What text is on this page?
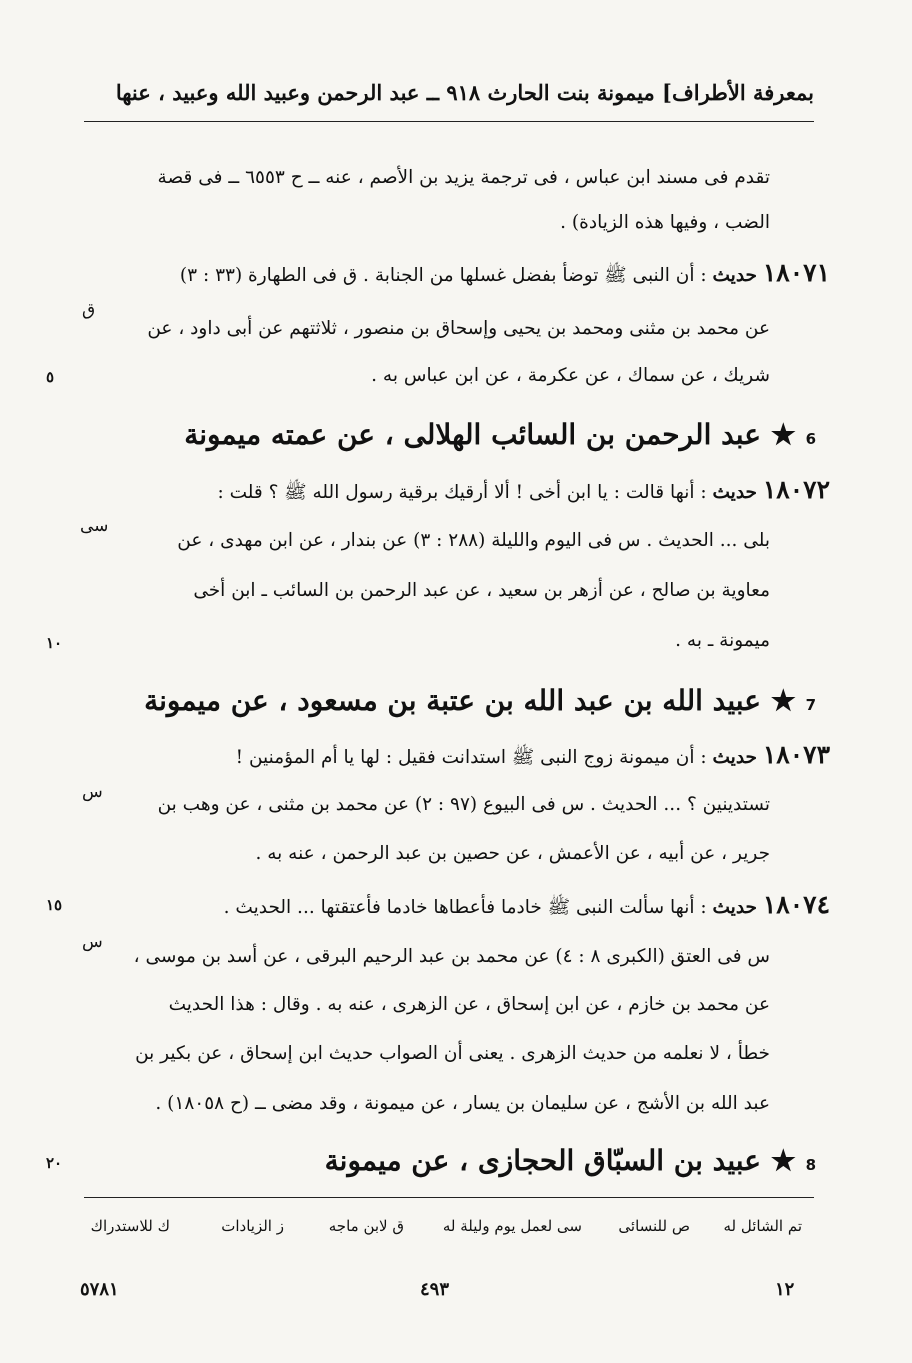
بمعرفة الأطراف] ميمونة بنت الحارث ٩١٨ ــ عبد الرحمن وعبيد الله وعبيد ، عنها
تقدم فى مسند ابن عباس ، فى ترجمة يزيد بن الأصم ، عنه ــ ح ٦٥٥٣ ــ فى قصة
الضب ، وفيها هذه الزيادة) .
١٨٠٧١ حديث : أن النبى ﷺ توضأ بفضل غسلها من الجنابة . ق فى الطهارة (٣٣ : ٣)
ق
عن محمد بن مثنى ومحمد بن يحيى وإسحاق بن منصور ، ثلاثتهم عن أبى داود ، عن
شريك ، عن سماك ، عن عكرمة ، عن ابن عباس به .
٥
6 ★ عبد الرحمن بن السائب الهلالى ، عن عمته ميمونة
١٨٠٧٢ حديث : أنها قالت : يا ابن أخى ! ألا أرقيك برقية رسول الله ﷺ ؟ قلت :
سى
بلى ... الحديث . س فى اليوم والليلة (٢٨٨ : ٣) عن بندار ، عن ابن مهدى ، عن
معاوية بن صالح ، عن أزهر بن سعيد ، عن عبد الرحمن بن السائب ـ ابن أخى
ميمونة ـ به .
١٠
7 ★ عبيد الله بن عبد الله بن عتبة بن مسعود ، عن ميمونة
١٨٠٧٣ حديث : أن ميمونة زوج النبى ﷺ استدانت فقيل : لها يا أم المؤمنين !
س
تستدينين ؟ ... الحديث . س فى البيوع (٩٧ : ٢) عن محمد بن مثنى ، عن وهب بن
جرير ، عن أبيه ، عن الأعمش ، عن حصين بن عبد الرحمن ، عنه به .
١٨٠٧٤ حديث : أنها سألت النبى ﷺ خادما فأعطاها خادما فأعتقتها ... الحديث .
١٥
س
س فى العتق (الكبرى ٨ : ٤) عن محمد بن عبد الرحيم البرقى ، عن أسد بن موسى ،
عن محمد بن خازم ، عن ابن إسحاق ، عن الزهرى ، عنه به . وقال : هذا الحديث
خطأ ، لا نعلمه من حديث الزهرى . يعنى أن الصواب حديث ابن إسحاق ، عن بكير بن
عبد الله بن الأشج ، عن سليمان بن يسار ، عن ميمونة ، وقد مضى ــ (ح ١٨٠٥٨) .
8 ★ عبيد بن السبّاق الحجازى ، عن ميمونة
٢٠
تم الشائل له
ص للنسائى
سى لعمل يوم وليلة له
ق لابن ماجه
ز الزيادات
ك للاستدراك
٥٧٨١	٤٩٣	١٢
